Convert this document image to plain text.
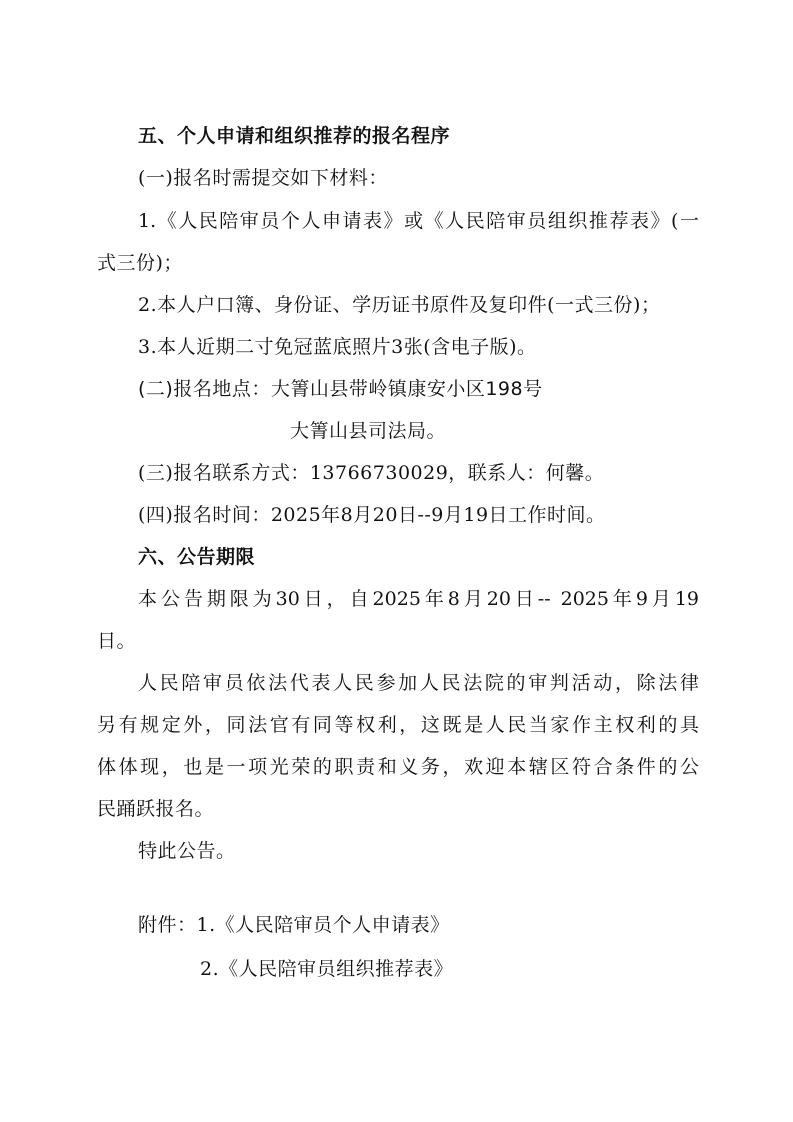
五、个人申请和组织推荐的报名程序
(一)报名时需提交如下材料：
1.《人民陪审员个人申请表》或《人民陪审员组织推荐表》(一
式三份)；
2.本人户口簿、身份证、学历证书原件及复印件(一式三份)；
3.本人近期二寸免冠蓝底照片3张(含电子版)。
(二)报名地点：大箐山县带岭镇康安小区198号
大箐山县司法局。
(三)报名联系方式：13766730029，联系人：何馨。
(四)报名时间：2025年8月20日--9月19日工作时间。
六、公告期限
本公告期限为30日，自2025年8月20日-- 2025年9月19
日。
人民陪审员依法代表人民参加人民法院的审判活动，除法律
另有规定外，同法官有同等权利，这既是人民当家作主权利的具
体体现，也是一项光荣的职责和义务，欢迎本辖区符合条件的公
民踊跃报名。
特此公告。
附件：1.《人民陪审员个人申请表》
2.《人民陪审员组织推荐表》
